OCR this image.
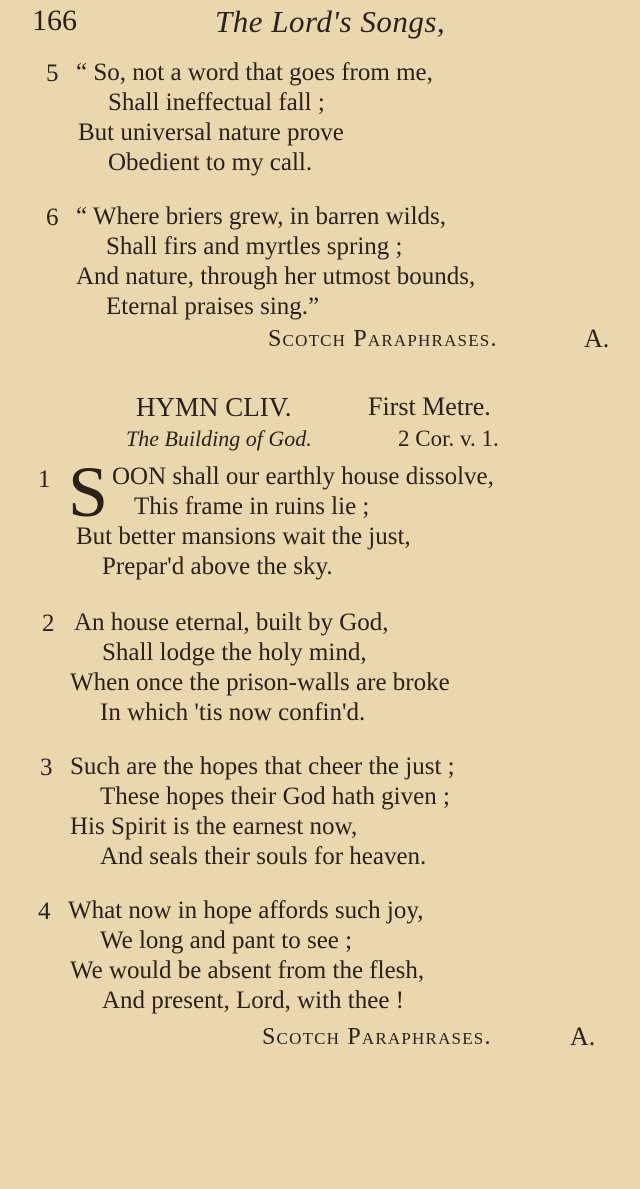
166	The Lord's Songs,
5 “ So, not a word that goes from me,
Shall ineffectual fall ;
But universal nature prove
Obedient to my call.
6 “ Where briers grew, in barren wilds,
Shall firs and myrtles spring ;
And nature, through her utmost bounds,
Eternal praises sing.”
Scotch Paraphrases.	A.
HYMN CLIV.	First Metre.
The Building of God.	2 Cor. v. 1.
1 S OON shall our earthly house dissolve,
This frame in ruins lie ;
But better mansions wait the just,
Prepar'd above the sky.
2 An house eternal, built by God,
Shall lodge the holy mind,
When once the prison-walls are broke
In which 'tis now confin'd.
3 Such are the hopes that cheer the just ;
These hopes their God hath given ;
His Spirit is the earnest now,
And seals their souls for heaven.
4 What now in hope affords such joy,
We long and pant to see ;
We would be absent from the flesh,
And present, Lord, with thee !
Scotch Paraphrases.	A.
